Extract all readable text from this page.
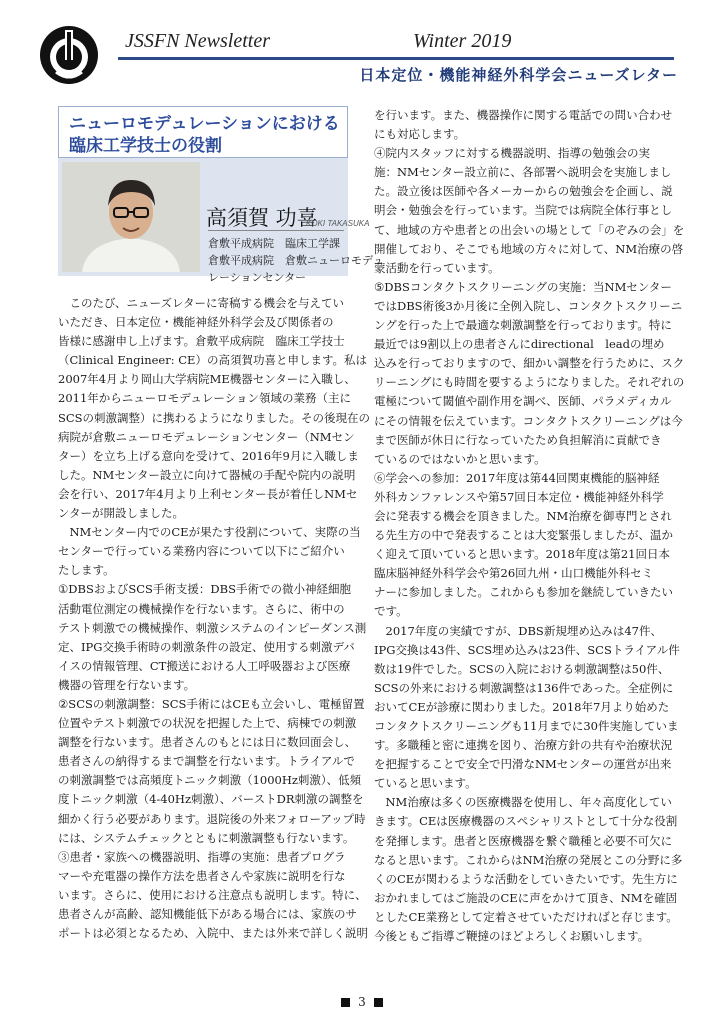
JSSFN Newsletter	Winter 2019
日本定位・機能神経外科学会ニューズレター
ニューロモデュレーションにおける
臨床工学技士の役割
高須賀 功喜
KOKI TAKASUKA
倉敷平成病院　臨床工学課
倉敷平成病院　倉敷ニューロモデュ
レーションセンター

　このたび、ニューズレターに寄稿する機会を与えてい
いただき、日本定位・機能神経外科学会及び関係者の
皆様に感謝申し上げます。倉敷平成病院　臨床工学技士
（Clinical Engineer: CE）の高須賀功喜と申します。私は
2007年4月より岡山大学病院ME機器センターに入職し、
2011年からニューロモデュレーション領域の業務（主に
SCSの刺激調整）に携わるようになりました。その後現在の
病院が倉敷ニューロモデュレーションセンター（NMセン
ター）を立ち上げる意向を受けて、2016年9月に入職しま
した。NMセンター設立に向けて器械の手配や院内の説明
会を行い、2017年4月より上利センター長が着任しNMセ
ンターが開設しました。

　NMセンター内でのCEが果たす役割について、実際の当
センターで行っている業務内容について以下にご紹介い
たします。

①DBSおよびSCS手術支援：DBS手術での微小神経細胞
活動電位測定の機械操作を行ないます。さらに、術中の
テスト刺激での機械操作、刺激システムのインピーダンス測
定、IPG交換手術時の刺激条件の設定、使用する刺激デバ
イスの情報管理、CT搬送における人工呼吸器および医療
機器の管理を行ないます。

②SCSの刺激調整：SCS手術にはCEも立会いし、電極留置
位置やテスト刺激での状況を把握した上で、病棟での刺激
調整を行ないます。患者さんのもとには日に数回面会し、
患者さんの納得するまで調整を行ないます。トライアルで
の刺激調整では高頻度トニック刺激（1000Hz刺激）、低頻
度トニック刺激（4-40Hz刺激）、バーストDR刺激の調整を
細かく行う必要があります。退院後の外来フォローアップ時
には、システムチェックとともに刺激調整も行ないます。

③患者・家族への機器説明、指導の実施：患者プログラ
マーや充電器の操作方法を患者さんや家族に説明を行な
います。さらに、使用における注意点も説明します。特に、
患者さんが高齢、認知機能低下がある場合には、家族のサ
ポートは必須となるため、入院中、または外来で詳しく説明

を行います。また、機器操作に関する電話での問い合わせ
にも対応します。

④院内スタッフに対する機器説明、指導の勉強会の実
施：NMセンター設立前に、各部署へ説明会を実施しまし
た。設立後は医師や各メーカーからの勉強会を企画し、説
明会・勉強会を行っています。当院では病院全体行事とし
て、地域の方や患者との出会いの場として「のぞみの会」を
開催しており、そこでも地域の方々に対して、NM治療の啓
蒙活動を行っています。

⑤DBSコンタクトスクリーニングの実施：当NMセンター
ではDBS術後3か月後に全例入院し、コンタクトスクリーニ
ングを行った上で最適な刺激調整を行っております。特に
最近では9割以上の患者さんにdirectional　leadの埋め
込みを行っておりますので、細かい調整を行うために、スク
リーニングにも時間を要するようになりました。それぞれの
電極について閾値や副作用を調べ、医師、パラメディカル
にその情報を伝えています。コンタクトスクリーニングは今
まで医師が休日に行なっていたため負担解消に貢献でき
ているのではないかと思います。

⑥学会への参加：2017年度は第44回関東機能的脳神経
外科カンファレンスや第57回日本定位・機能神経外科学
会に発表する機会を頂きました。NM治療を御専門とされ
る先生方の中で発表することは大変緊張しましたが、温か
く迎えて頂いていると思います。2018年度は第21回日本
臨床脳神経外科学会や第26回九州・山口機能外科セミ
ナーに参加しました。これからも参加を継続していきたい
です。

　2017年度の実績ですが、DBS新規埋め込みは47件、
IPG交換は43件、SCS埋め込みは23件、SCSトライアル件
数は19件でした。SCSの入院における刺激調整は50件、
SCSの外来における刺激調整は136件であった。全症例に
おいてCEが診療に関わりました。2018年7月より始めた
コンタクトスクリーニングも11月までに30件実施していま
す。多職種と密に連携を図り、治療方針の共有や治療状況
を把握することで安全で円滑なNMセンターの運営が出来
ていると思います。

　NM治療は多くの医療機器を使用し、年々高度化してい
きます。CEは医療機器のスペシャリストとして十分な役割
を発揮します。患者と医療機器を繋ぐ職種と必要不可欠に
なると思います。これからはNM治療の発展とこの分野に多
くのCEが関わるような活動をしていきたいです。先生方に
おかれましてはご施設のCEに声をかけて頂き、NMを確固
としたCE業務として定着させていただければと存じます。
今後ともご指導ご鞭撻のほどよろしくお願いします。

3
